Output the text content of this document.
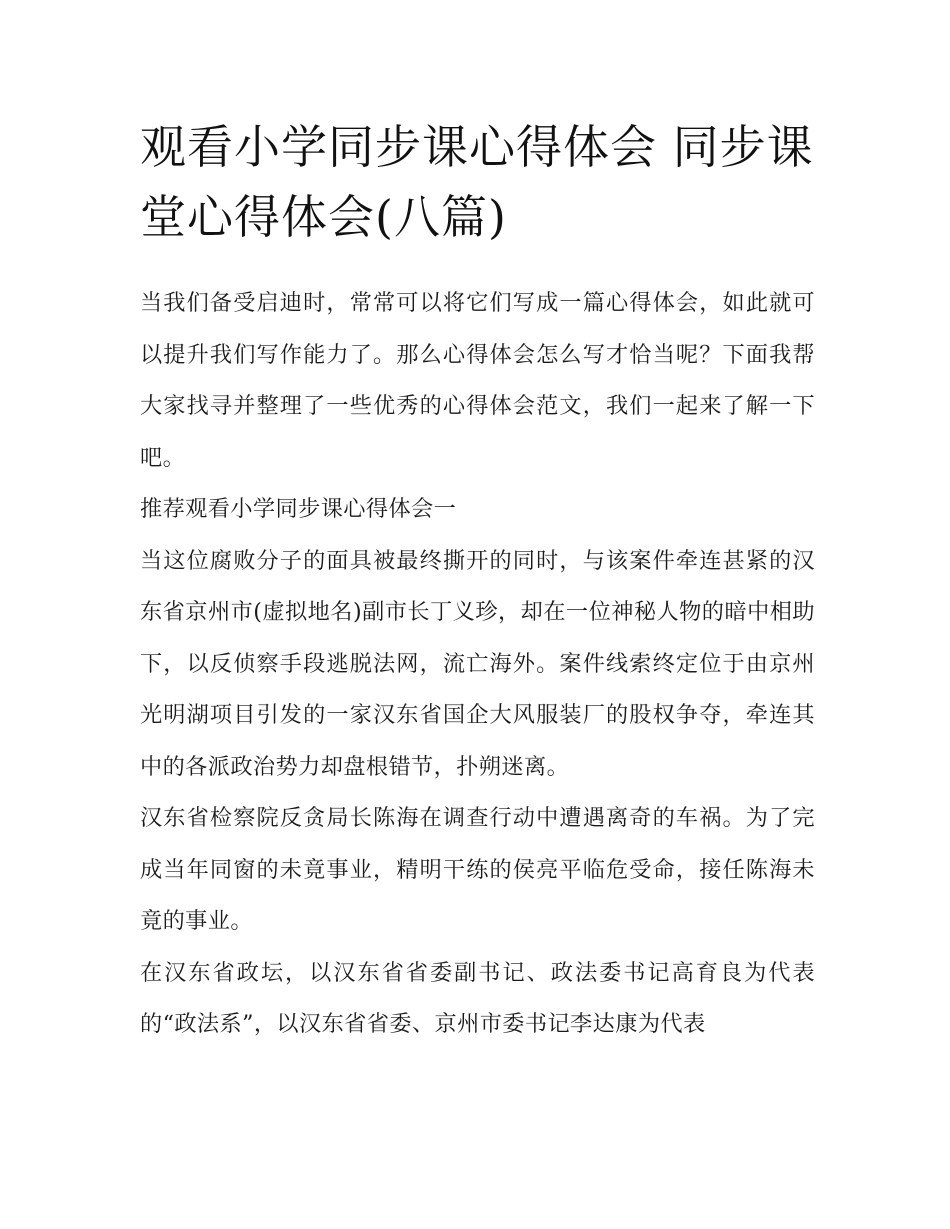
观看小学同步课心得体会 同步课堂心得体会(八篇)

当我们备受启迪时，常常可以将它们写成一篇心得体会，如此就可以提升我们写作能力了。那么心得体会怎么写才恰当呢？下面我帮大家找寻并整理了一些优秀的心得体会范文，我们一起来了解一下吧。

推荐观看小学同步课心得体会一

当这位腐败分子的面具被最终撕开的同时，与该案件牵连甚紧的汉东省京州市(虚拟地名)副市长丁义珍，却在一位神秘人物的暗中相助下，以反侦察手段逃脱法网，流亡海外。案件线索终定位于由京州光明湖项目引发的一家汉东省国企大风服装厂的股权争夺，牵连其中的各派政治势力却盘根错节，扑朔迷离。

汉东省检察院反贪局长陈海在调查行动中遭遇离奇的车祸。为了完成当年同窗的未竟事业，精明干练的侯亮平临危受命，接任陈海未竟的事业。

在汉东省政坛，以汉东省省委副书记、政法委书记高育良为代表的“政法系”，以汉东省省委、京州市委书记李达康为代表
